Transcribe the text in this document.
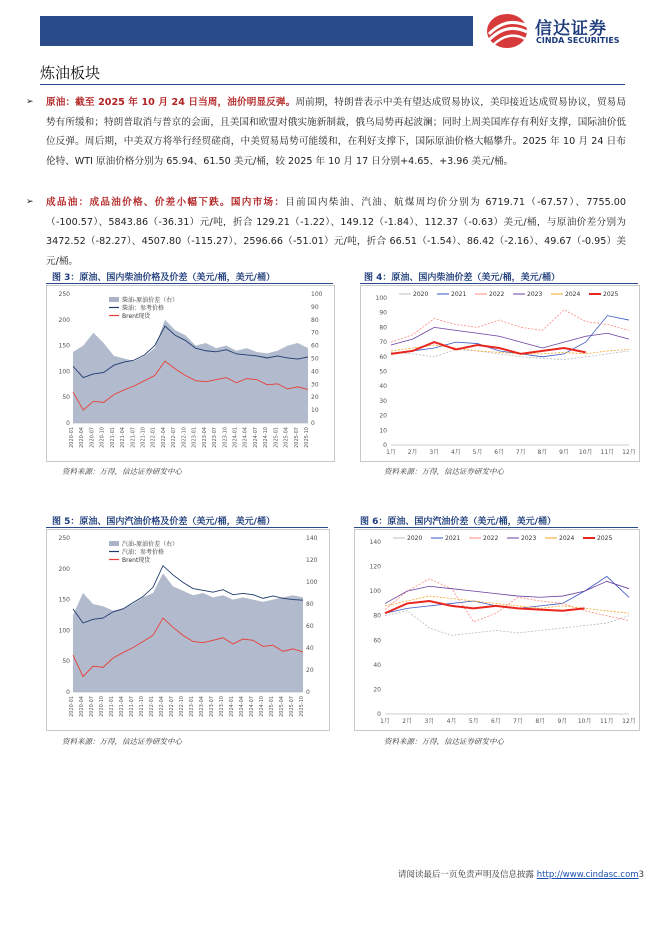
信达证券
CINDA SECURITIES
炼油板块
➢ 原油：截至 2025 年 10 月 24 日当周，油价明显反弹。周前期，特朗普表示中美有望达成贸易协议，美印接近达成贸易协议，贸易局势有所缓和；特朗普取消与普京的会面，且美国和欧盟对俄实施新制裁，俄乌局势再起波澜；同时上周美国库存有利好支撑，国际油价低位反弹。周后期，中美双方将举行经贸磋商，中美贸易局势可能缓和，在利好支撑下，国际原油价格大幅攀升。2025 年 10 月 24 日布伦特、WTI 原油价格分别为 65.94、61.50 美元/桶，较 2025 年 10 月 17 日分别+4.65、+3.96 美元/桶。
➢ 成品油：成品油价格、价差小幅下跌。国内市场：目前国内柴油、汽油、航煤周均价分别为 6719.71（-67.57）、7755.00（-100.57）、5843.86（-36.31）元/吨，折合 129.21（-1.22）、149.12（-1.84）、112.37（-0.63）美元/桶，与原油价差分别为 3472.52（-82.27）、4507.80（-115.27）、2596.66（-51.01）元/吨，折合 66.51（-1.54）、86.42（-2.16）、49.67（-0.95）美元/桶。
图 3：原油、国内柴油价格及价差（美元/桶，美元/桶）
0
50
100
150
200
250
0
10
20
30
40
50
60
70
80
90
100
2020-01 2020-04 2020-07 2020-10 2021-01 2021-04 2021-07 2021-10 2022-01 2022-04 2022-07 2022-10 2023-01 2023-04 2023-07 2023-10 2024-01 2024-04 2024-07 2024-10 2025-01 2025-04 2025-07 2025-10
柴油-原油价差（右）
柴油：参考价格
Brent现货
资料来源：万得，信达证券研发中心
图 4：原油、国内柴油价差（美元/桶，美元/桶）
0
10
20
30
40
50
60
70
80
90
100
1月 2月 3月 4月 5月 6月 7月 8月 9月 10月 11月 12月
2020	2021	2022	2023	2024	2025
资料来源：万得，信达证券研发中心
图 5：原油、国内汽油价格及价差（美元/桶，美元/桶）
0
50
100
150
200
250
0
20
40
60
80
100
120
140
2020-01 2020-04 2020-07 2020-10 2021-01 2021-04 2021-07 2021-10 2022-01 2022-04 2022-07 2022-10 2023-01 2023-04 2023-07 2023-10 2024-01 2024-04 2024-07 2024-10 2025-01 2025-04 2025-07 2025-10
汽油-原油价差（右）
汽油：参考价格
Brent现货
资料来源：万得，信达证券研发中心
图 6：原油、国内汽油价差（美元/桶，美元/桶）
0
20
40
60
80
100
120
140
1月 2月 3月 4月 5月 6月 7月 8月 9月 10月 11月 12月
2020	2021	2022	2023	2024	2025
资料来源：万得，信达证券研发中心
请阅读最后一页免责声明及信息披露 http://www.cindasc.com3
